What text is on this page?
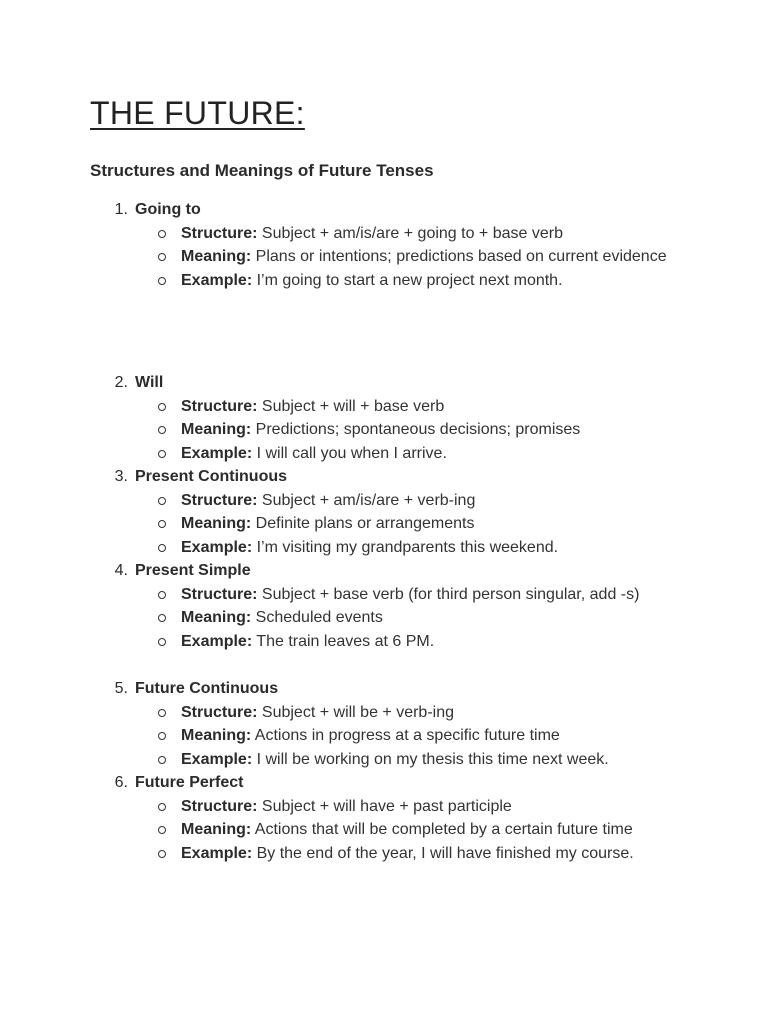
THE FUTURE:
Structures and Meanings of Future Tenses
1. Going to
Structure: Subject + am/is/are + going to + base verb
Meaning: Plans or intentions; predictions based on current evidence
Example: I’m going to start a new project next month.
2. Will
Structure: Subject + will + base verb
Meaning: Predictions; spontaneous decisions; promises
Example: I will call you when I arrive.
3. Present Continuous
Structure: Subject + am/is/are + verb-ing
Meaning: Definite plans or arrangements
Example: I’m visiting my grandparents this weekend.
4. Present Simple
Structure: Subject + base verb (for third person singular, add -s)
Meaning: Scheduled events
Example: The train leaves at 6 PM.
5. Future Continuous
Structure: Subject + will be + verb-ing
Meaning: Actions in progress at a specific future time
Example: I will be working on my thesis this time next week.
6. Future Perfect
Structure: Subject + will have + past participle
Meaning: Actions that will be completed by a certain future time
Example: By the end of the year, I will have finished my course.
